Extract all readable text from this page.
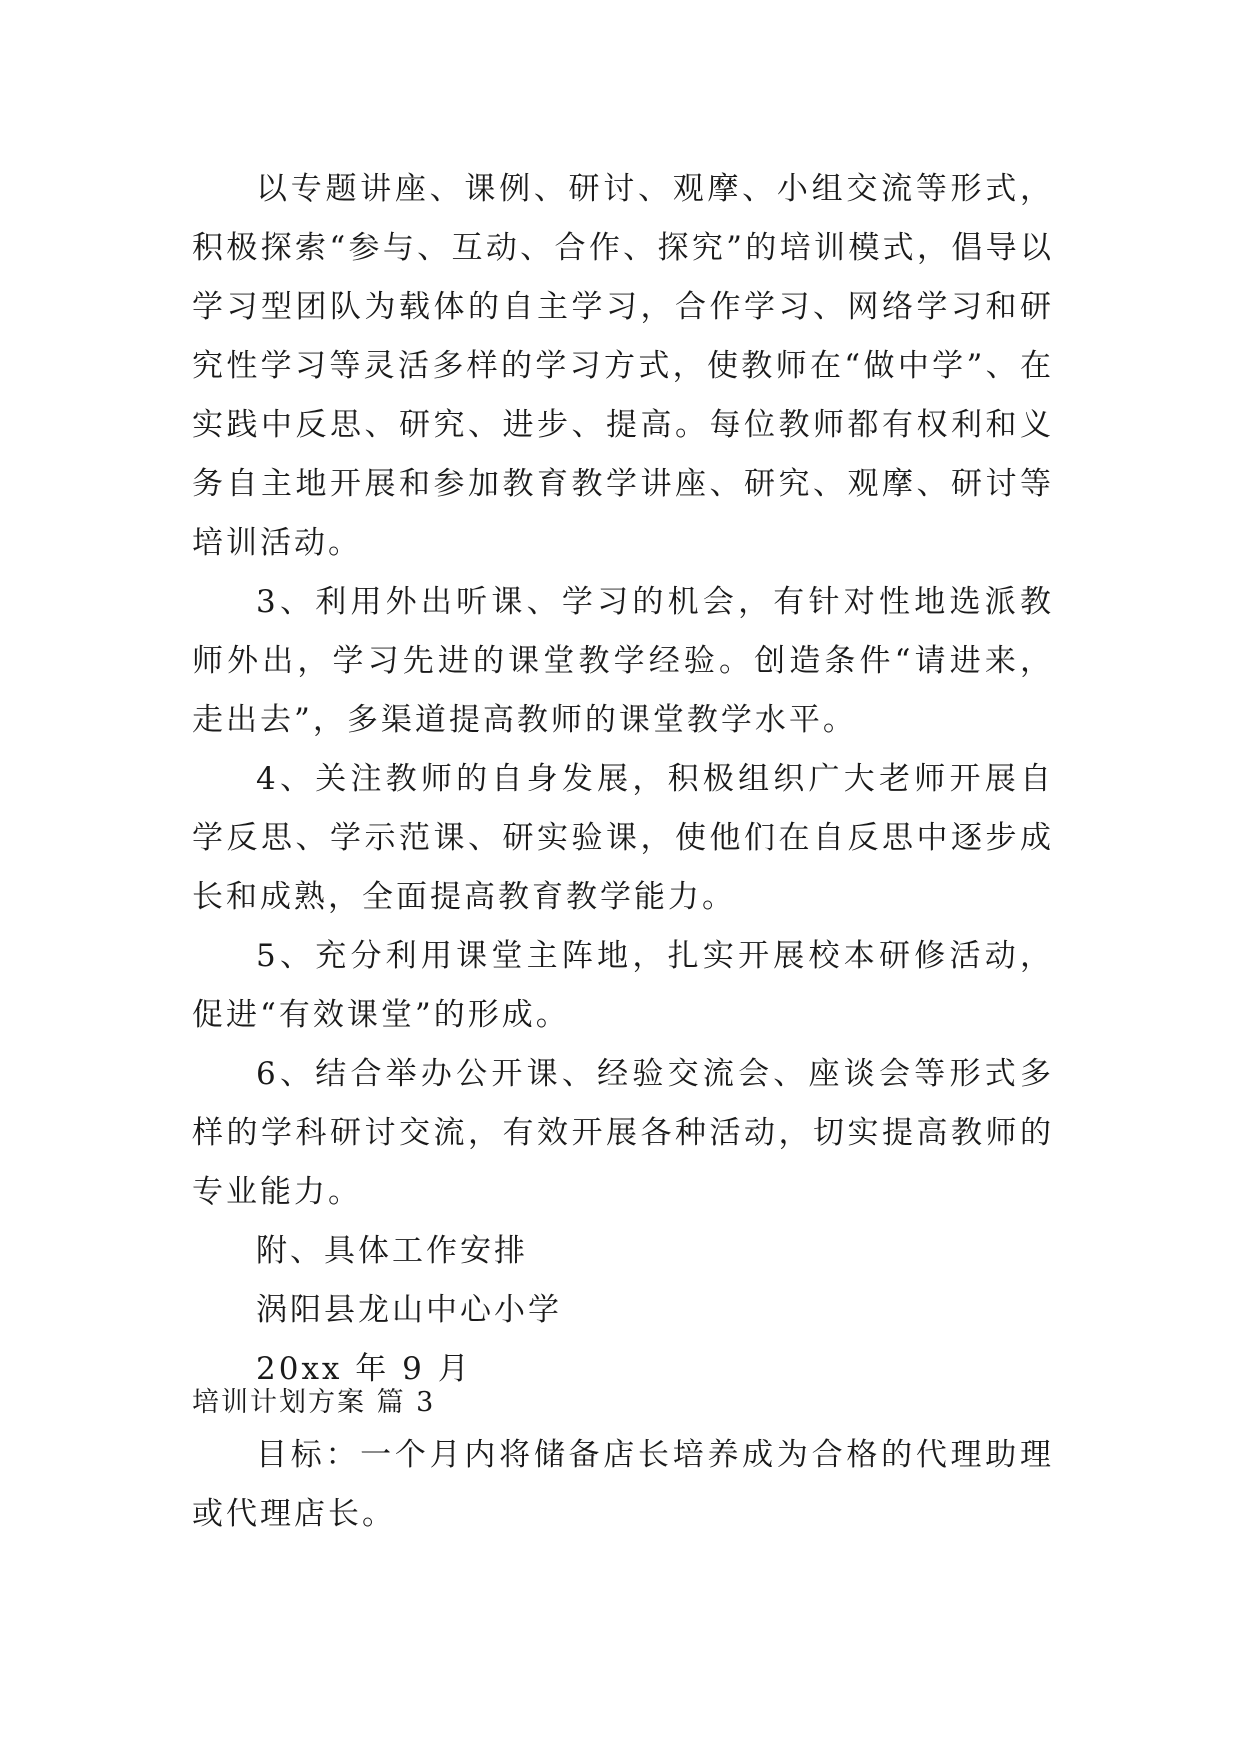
以专题讲座、课例、研讨、观摩、小组交流等形式，积极探索“参与、互动、合作、探究”的培训模式，倡导以学习型团队为载体的自主学习，合作学习、网络学习和研究性学习等灵活多样的学习方式，使教师在“做中学”、在实践中反思、研究、进步、提高。每位教师都有权利和义务自主地开展和参加教育教学讲座、研究、观摩、研讨等培训活动。

3、利用外出听课、学习的机会，有针对性地选派教师外出，学习先进的课堂教学经验。创造条件“请进来，走出去”，多渠道提高教师的课堂教学水平。

4、关注教师的自身发展，积极组织广大老师开展自学反思、学示范课、研实验课，使他们在自反思中逐步成长和成熟，全面提高教育教学能力。

5、充分利用课堂主阵地，扎实开展校本研修活动，促进“有效课堂”的形成。

6、结合举办公开课、经验交流会、座谈会等形式多样的学科研讨交流，有效开展各种活动，切实提高教师的专业能力。

附、具体工作安排

涡阳县龙山中心小学

20xx 年 9 月

培训计划方案 篇 3

目标：一个月内将储备店长培养成为合格的代理助理或代理店长。
